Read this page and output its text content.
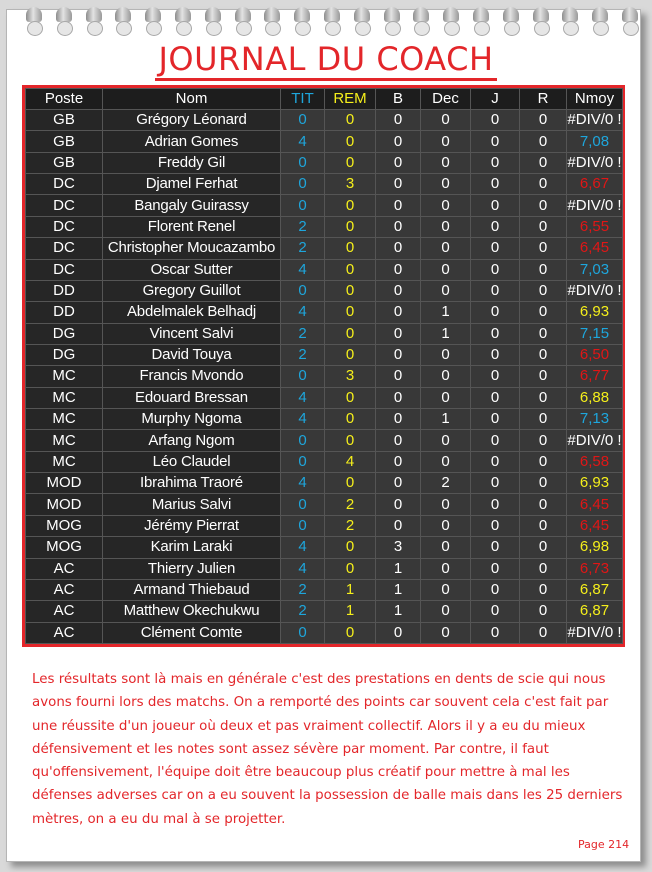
JOURNAL DU COACH
Poste	Nom	TIT	REM	B	Dec	J	R	Nmoy
GB	Grégory Léonard	0	0	0	0	0	0	#DIV/0 !
GB	Adrian Gomes	4	0	0	0	0	0	7,08
GB	Freddy Gil	0	0	0	0	0	0	#DIV/0 !
DC	Djamel Ferhat	0	3	0	0	0	0	6,67
DC	Bangaly Guirassy	0	0	0	0	0	0	#DIV/0 !
DC	Florent Renel	2	0	0	0	0	0	6,55
DC	Christopher Moucazambo	2	0	0	0	0	0	6,45
DC	Oscar Sutter	4	0	0	0	0	0	7,03
DD	Gregory Guillot	0	0	0	0	0	0	#DIV/0 !
DD	Abdelmalek Belhadj	4	0	0	1	0	0	6,93
DG	Vincent Salvi	2	0	0	1	0	0	7,15
DG	David Touya	2	0	0	0	0	0	6,50
MC	Francis Mvondo	0	3	0	0	0	0	6,77
MC	Edouard Bressan	4	0	0	0	0	0	6,88
MC	Murphy Ngoma	4	0	0	1	0	0	7,13
MC	Arfang Ngom	0	0	0	0	0	0	#DIV/0 !
MC	Léo Claudel	0	4	0	0	0	0	6,58
MOD	Ibrahima Traoré	4	0	0	2	0	0	6,93
MOD	Marius Salvi	0	2	0	0	0	0	6,45
MOG	Jérémy Pierrat	0	2	0	0	0	0	6,45
MOG	Karim Laraki	4	0	3	0	0	0	6,98
AC	Thierry Julien	4	0	1	0	0	0	6,73
AC	Armand Thiebaud	2	1	1	0	0	0	6,87
AC	Matthew Okechukwu	2	1	1	0	0	0	6,87
AC	Clément Comte	0	0	0	0	0	0	#DIV/0 !
Les résultats sont là mais en générale c'est des prestations en dents de scie qui nous avons fourni lors des matchs. On a remporté des points car souvent cela c'est fait par une réussite d'un joueur où deux et pas vraiment collectif. Alors il y a eu du mieux défensivement et les notes sont assez sévère par moment. Par contre, il faut qu'offensivement, l'équipe doit être beaucoup plus créatif pour mettre à mal les défenses adverses car on a eu souvent la possession de balle mais dans les 25 derniers mètres, on a eu du mal à se projetter.
Page 214
